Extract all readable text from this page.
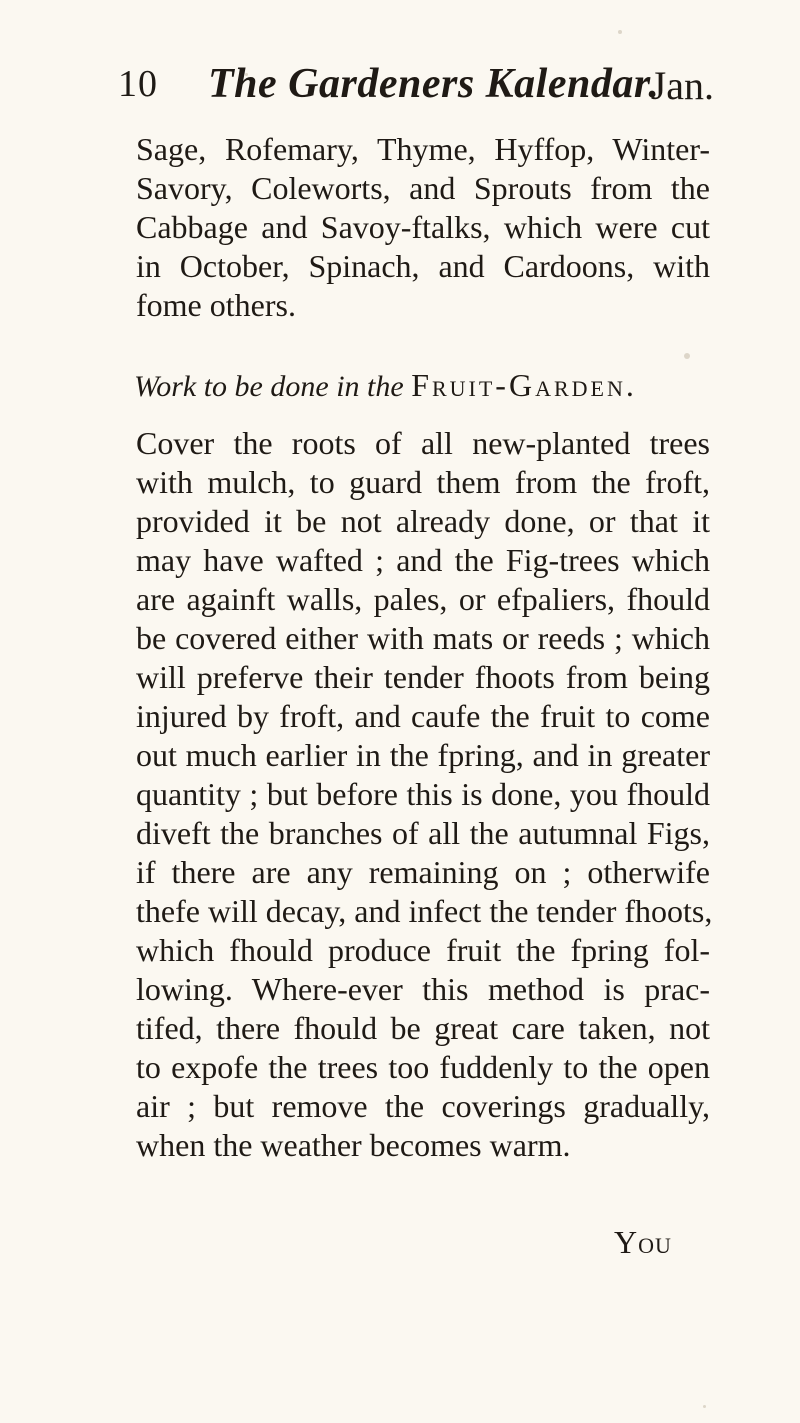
10 The Gardeners Kalendar.
Jan.
Sage, Rofemary, Thyme, Hyffop, Winter-
Savory, Coleworts, and Sprouts from the
Cabbage and Savoy-ftalks, which were cut
in October, Spinach, and Cardoons, with
fome others.
Work to be done in the Fruit-Garden.
Cover the roots of all new-planted trees
with mulch, to guard them from the froft,
provided it be not already done, or that it
may have wafted ; and the Fig-trees which
are againft walls, pales, or efpaliers, fhould
be covered either with mats or reeds ; which
will preferve their tender fhoots from being
injured by froft, and caufe the fruit to come
out much earlier in the fpring, and in greater
quantity ; but before this is done, you fhould
diveft the branches of all the autumnal Figs,
if there are any remaining on ; otherwife
thefe will decay, and infect the tender fhoots,
which fhould produce fruit the fpring fol-
lowing. Where-ever this method is prac-
tifed, there fhould be great care taken, not
to expofe the trees too fuddenly to the open
air ; but remove the coverings gradually,
when the weather becomes warm.
You
